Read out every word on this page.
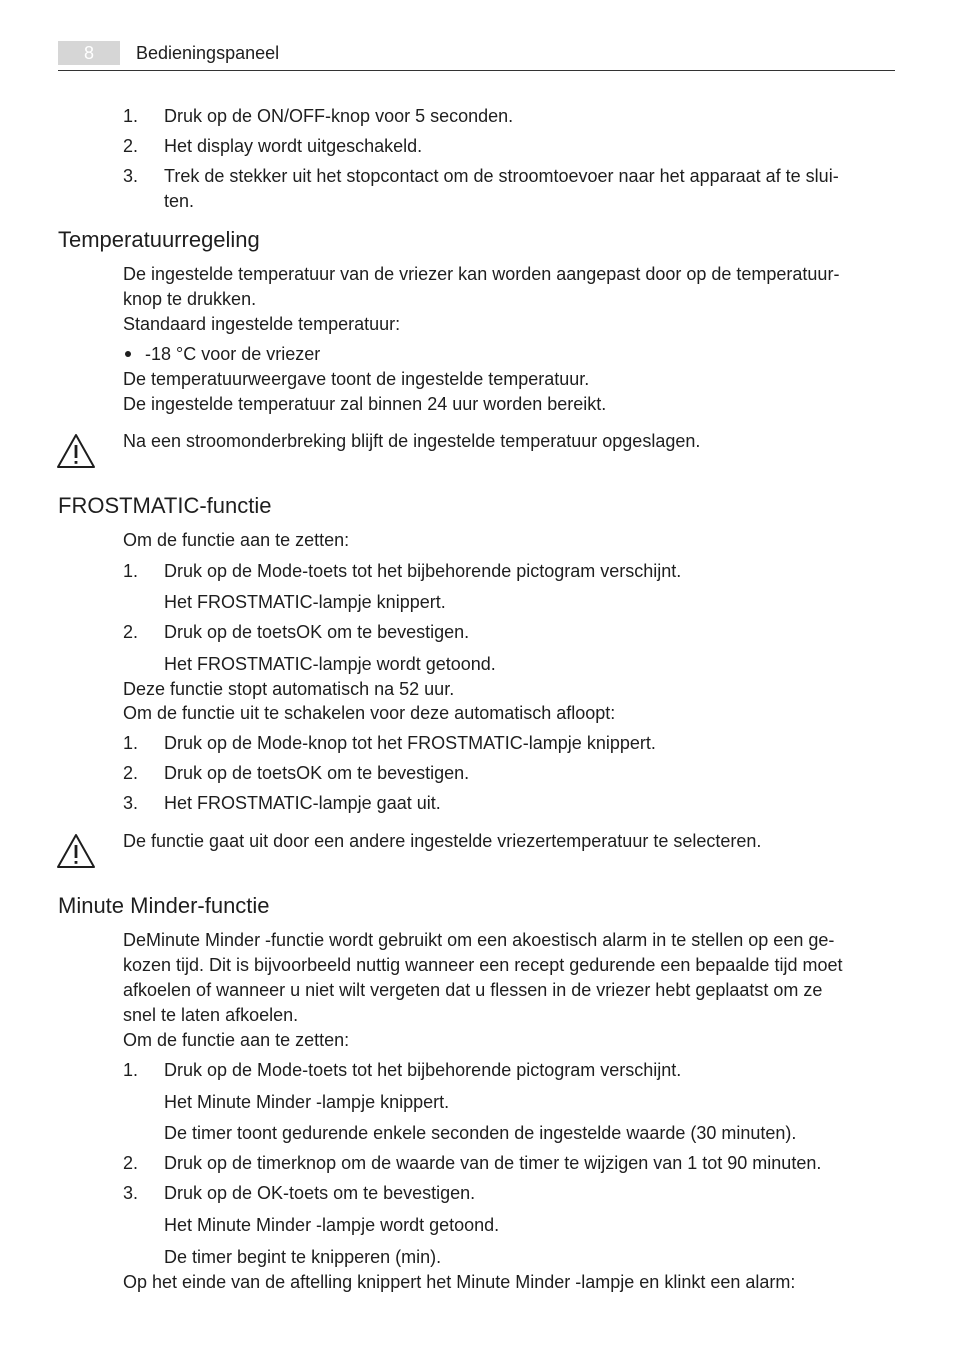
8	Bedieningspaneel
1. Druk op de ON/OFF-knop voor 5 seconden.
2. Het display wordt uitgeschakeld.
3. Trek de stekker uit het stopcontact om de stroomtoevoer naar het apparaat af te slui-
ten.
Temperatuurregeling
De ingestelde temperatuur van de vriezer kan worden aangepast door op de temperatuur-
knop te drukken.
Standaard ingestelde temperatuur:
-18 °C voor de vriezer
De temperatuurweergave toont de ingestelde temperatuur.
De ingestelde temperatuur zal binnen 24 uur worden bereikt.
Na een stroomonderbreking blijft de ingestelde temperatuur opgeslagen.
FROSTMATIC-functie
Om de functie aan te zetten:
1. Druk op de Mode-toets tot het bijbehorende pictogram verschijnt.
Het FROSTMATIC-lampje knippert.
2. Druk op de toetsOK om te bevestigen.
Het FROSTMATIC-lampje wordt getoond.
Deze functie stopt automatisch na 52 uur.
Om de functie uit te schakelen voor deze automatisch afloopt:
1. Druk op de Mode-knop tot het FROSTMATIC-lampje knippert.
2. Druk op de toetsOK om te bevestigen.
3. Het FROSTMATIC-lampje gaat uit.
De functie gaat uit door een andere ingestelde vriezertemperatuur te selecteren.
Minute Minder-functie
DeMinute Minder -functie wordt gebruikt om een akoestisch alarm in te stellen op een ge-
kozen tijd. Dit is bijvoorbeeld nuttig wanneer een recept gedurende een bepaalde tijd moet
afkoelen of wanneer u niet wilt vergeten dat u flessen in de vriezer hebt geplaatst om ze
snel te laten afkoelen.
Om de functie aan te zetten:
1. Druk op de Mode-toets tot het bijbehorende pictogram verschijnt.
Het Minute Minder -lampje knippert.
De timer toont gedurende enkele seconden de ingestelde waarde (30 minuten).
2. Druk op de timerknop om de waarde van de timer te wijzigen van 1 tot 90 minuten.
3. Druk op de OK-toets om te bevestigen.
Het Minute Minder -lampje wordt getoond.
De timer begint te knipperen (min).
Op het einde van de aftelling knippert het Minute Minder -lampje en klinkt een alarm:
